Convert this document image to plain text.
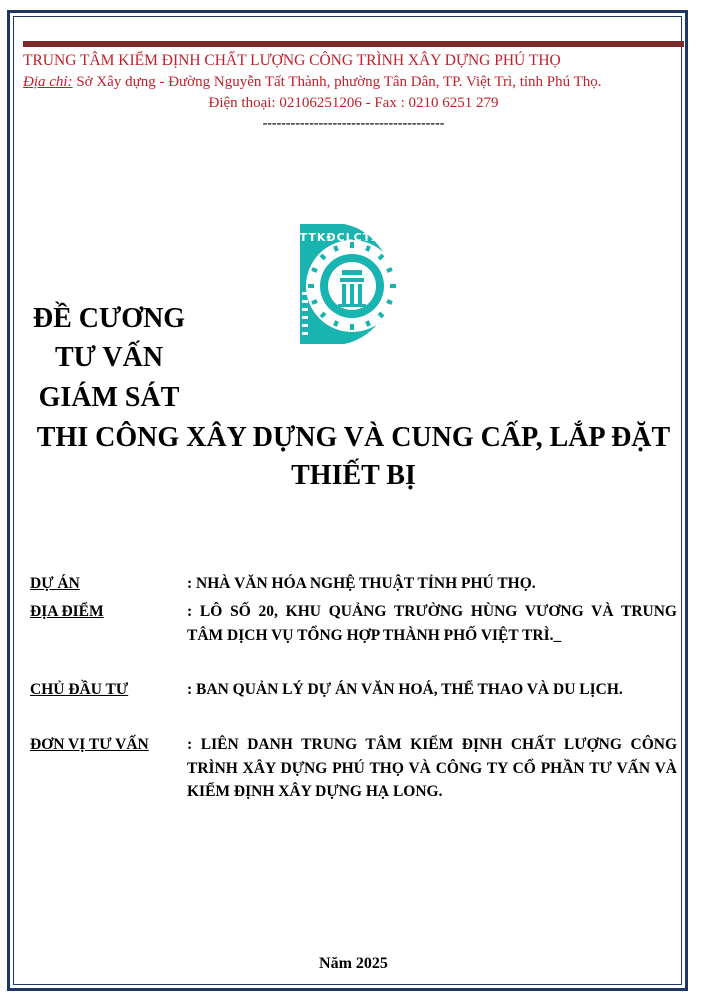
TRUNG TÂM KIỂM ĐỊNH CHẤT LƯỢNG CÔNG TRÌNH XÂY DỰNG PHÚ THỌ
Địa chỉ: Sở Xây dựng - Đường Nguyễn Tất Thành, phường Tân Dân, TP. Việt Trì, tỉnh Phú Thọ.
Điện thoại: 02106251206 - Fax : 0210 6251 279
---------------------------------------
TTKĐCLCTXDPT
ĐỀ CƯƠNG
TƯ VẤN
GIÁM SÁT
THI CÔNG XÂY DỰNG VÀ CUNG CẤP, LẮP ĐẶT
THIẾT BỊ
DỰ ÁN	: NHÀ VĂN HÓA NGHỆ THUẬT TỈNH PHÚ THỌ.
ĐỊA ĐIỂM	: LÔ SỐ 20, KHU QUẢNG TRƯỜNG HÙNG VƯƠNG VÀ TRUNG TÂM DỊCH VỤ TỔNG HỢP THÀNH PHỐ VIỆT TRÌ._
CHỦ ĐẦU TƯ	: BAN QUẢN LÝ DỰ ÁN VĂN HOÁ, THỂ THAO VÀ DU LỊCH.
ĐƠN VỊ TƯ VẤN : LIÊN DANH TRUNG TÂM KIỂM ĐỊNH CHẤT LƯỢNG CÔNG TRÌNH XÂY DỰNG PHÚ THỌ VÀ CÔNG TY CỔ PHẦN TƯ VẤN VÀ KIỂM ĐỊNH XÂY DỰNG HẠ LONG.
Năm 2025
